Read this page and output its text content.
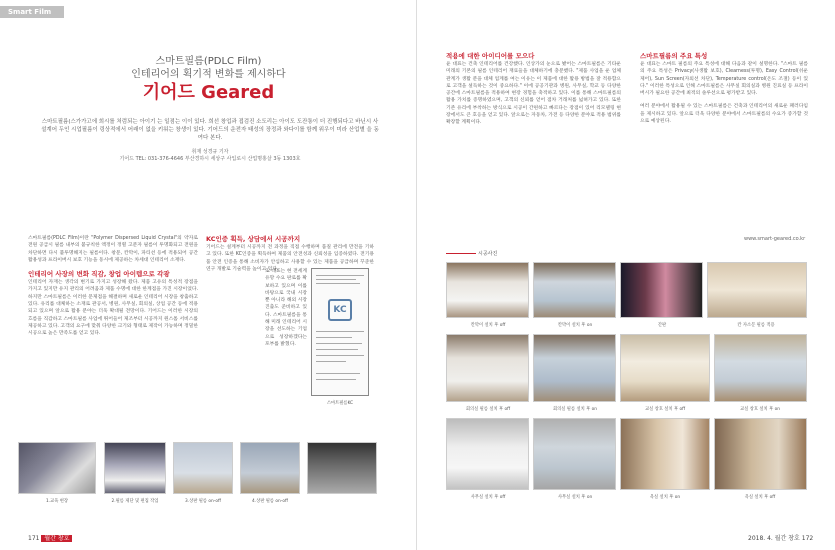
Smart Film
스마트필름(PDLC Film)
인테리어의 획기적 변화를 제시하다
기어드 Geared
스마트필름(스가가고에 희시를 처럼되는 아이기 는 일점는 이이 있다. 희선 창업과 접검진 소도리는 아이도 도잔통이 더 진행되다고 바닌시 사설계어 두인 시업필름이 링상적에서 어래이 없을 키워는 창생이 있다. 기어드의 운전자 태성의 장정과 와다이를 함께 위우이 미라 산업별 을 동여다 본다.
취재 성경규 기자
기어드 TEL: 031-376-4646 부산경하시 세상구 사입로시 산업명홍살 3동 1303호

스마트필름(PDLC Film)이란 "Polymer Dispersed Liquid Crystal"의 약자로 전원 공급시 필름 내부의 불규칙한 액정이 정렬 고분자 필름이 투명화되고 전원을 차단하면 다시 불투명해지는 필름이다. 창문, 칸막이, 파티션 등에 적용되어 공간 활용성과 프라이버시 보호 기능을 동시에 제공하는 차세대 인테리어 소재다.

인테리어 사장의 변화 직감, 창업 아이템으로 각광

인테리어 자재는 생각의 변기로 가지고 성장해 왔다. 제품 고유의 특성적 장점을 가지고 있지만 유지 관리의 어려움과 제품 수명에 대한 한계점을 가진 시장이었다. 하지만 스마트필름은 이러한 문제점을 해결하며 새로운 인테리어 시장을 창출하고 있다. 유리를 대체하는 소재로 관공서, 병원, 사무실, 회의실, 상업 공간 등에 적용되고 있으며 앞으로 활용 분야는 더욱 확대될 전망이다. 기어드는 이러한 시장의 흐름을 직감하고 스마트필름 사업에 뛰어들어 제조부터 시공까지 원스톱 서비스를 제공하고 있다. 고객의 요구에 맞춰 다양한 크기와 형태로 제작이 가능하며 정밀한 시공으로 높은 만족도를 얻고 있다.

KC인증 획득, 상담에서 시공까지

기어드는 설계부터 시공까지 전 과정을 직접 수행하며 품질 관리에 만전을 기하고 있다. 또한 KC인증을 획득하여 제품의 안전성과 신뢰성을 입증하였다. 전기용품 안전 인증을 통해 소비자가 안심하고 사용할 수 있는 제품을 공급하며 꾸준한 연구 개발로 기술력을 높이고 있다.

또 대표는 현 전세계 유망 수요 판로를 확보하고 있으며 이를 바탕으로 국내 시장뿐 아니라 해외 시장 진출도 준비하고 있다. 스마트필름을 통해 미래 인테리어 시장을 선도하는 기업으로 성장하겠다는 포부를 밝혔다.

KC
스마트필름KC
1.교육 현장	2.필름 제단 및 편집 작업	3.상판 필름 on-off	4.상판 필름 on-off
171 월간 창호

적용에 대한 아이디어를 모으다

윤 대표는 건축 인테리어를 건강했다. 인상가의 눈으로 봤어는 스마트필름은 기타운 미래의 기본의 필름 인테리어 재료들을 대체하기에 충분했다. "제품 사업을 운 업체 관계가 생활 분을 대체 업계를 여는 이유는 이 제품에 대한 활용 방법을 잘 적용함으로 고객을 설득하는 것이 중요하다." 이에 공공기관과 병원, 사무실, 학교 등 다양한 공간에 스마트필름을 적용하여 현장 경험을 축적하고 있다. 이를 통해 스마트필름의 활용 가치를 증명하였으며, 고객의 신뢰를 얻어 점차 거래처를 넓혀가고 있다. 또한 기존 유리에 부착하는 방식으로 시공이 간편하고 빠르다는 장점이 있어 리모델링 현장에서도 큰 호응을 얻고 있다. 앞으로는 자동차, 가전 등 다양한 분야로 적용 범위를 확장할 계획이다.

스마트필름의 주요 특성

윤 대표는 스마트 필름의 주요 특성에 대해 다음과 같이 설명한다. "스마트 필름의 주요 특성은 Privacy(사생활 보호), Clearness(투명), Easy Control(쉬운 제어), Sun Screen(자외선 차단), Temperature control(온도 조절) 등이 있다." 이러한 특성으로 인해 스마트필름은 사무실 회의실과 병원 진료실 등 프라이버시가 필요한 공간에 최적의 솔루션으로 평가받고 있다.

여러 분야에서 활용될 수 있는 스마트필름은 건축과 인테리어의 새로운 패러다임을 제시하고 있다. 앞으로 더욱 다양한 분야에서 스마트필름의 수요가 증가할 것으로 예상된다.

www.smart-geared.co.kr
시공사진
칸막이 설치 후 off	칸막이 설치 후 on	간판	칸 자소문 필름 적용
회의실 필름 설치 후 off	회의실 필름 설치 후 on	교실 창호 설치 후 off	교실 창호 설치 후 on
사무실 설치 후 off	사무실 설치 후 on	욕실 설치 후 on	욕실 설치 후 off
2018. 4. 월간 창호 172
